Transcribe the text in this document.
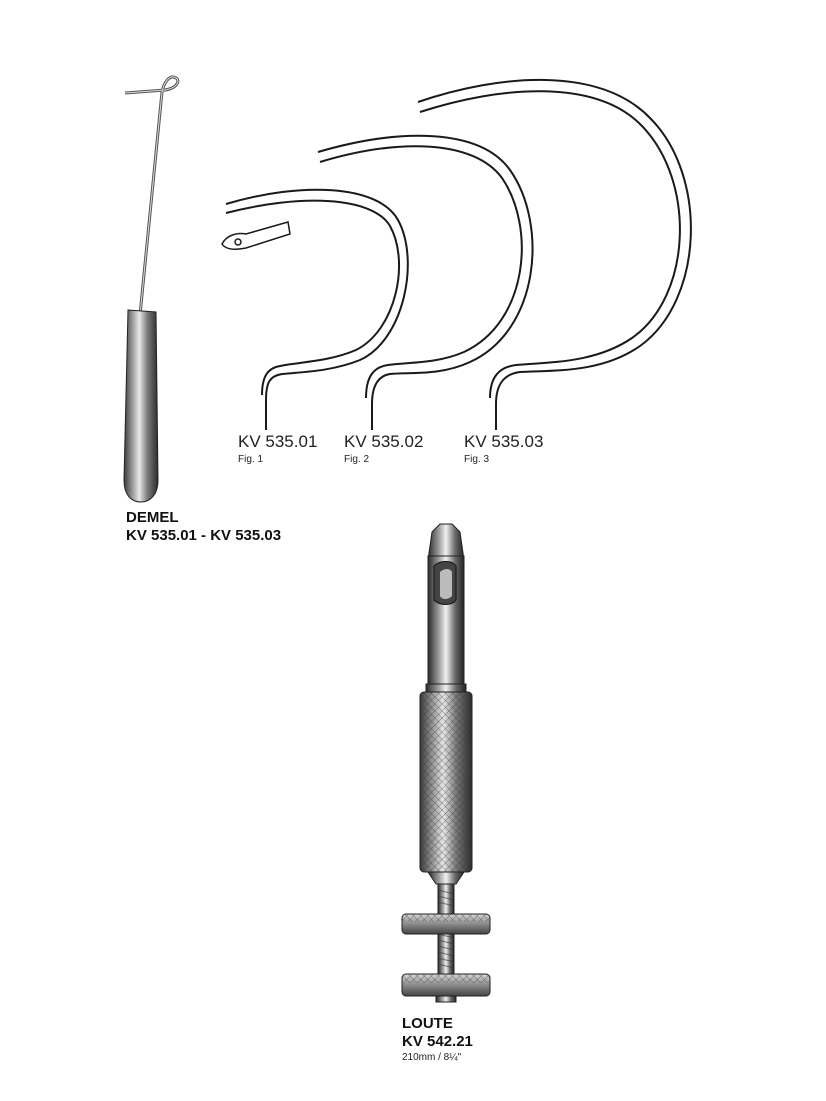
KV 535.01
Fig. 1
KV 535.02
Fig. 2
KV 535.03
Fig. 3
DEMEL
KV 535.01 - KV 535.03
LOUTE
KV 542.21
210mm / 8¼"
